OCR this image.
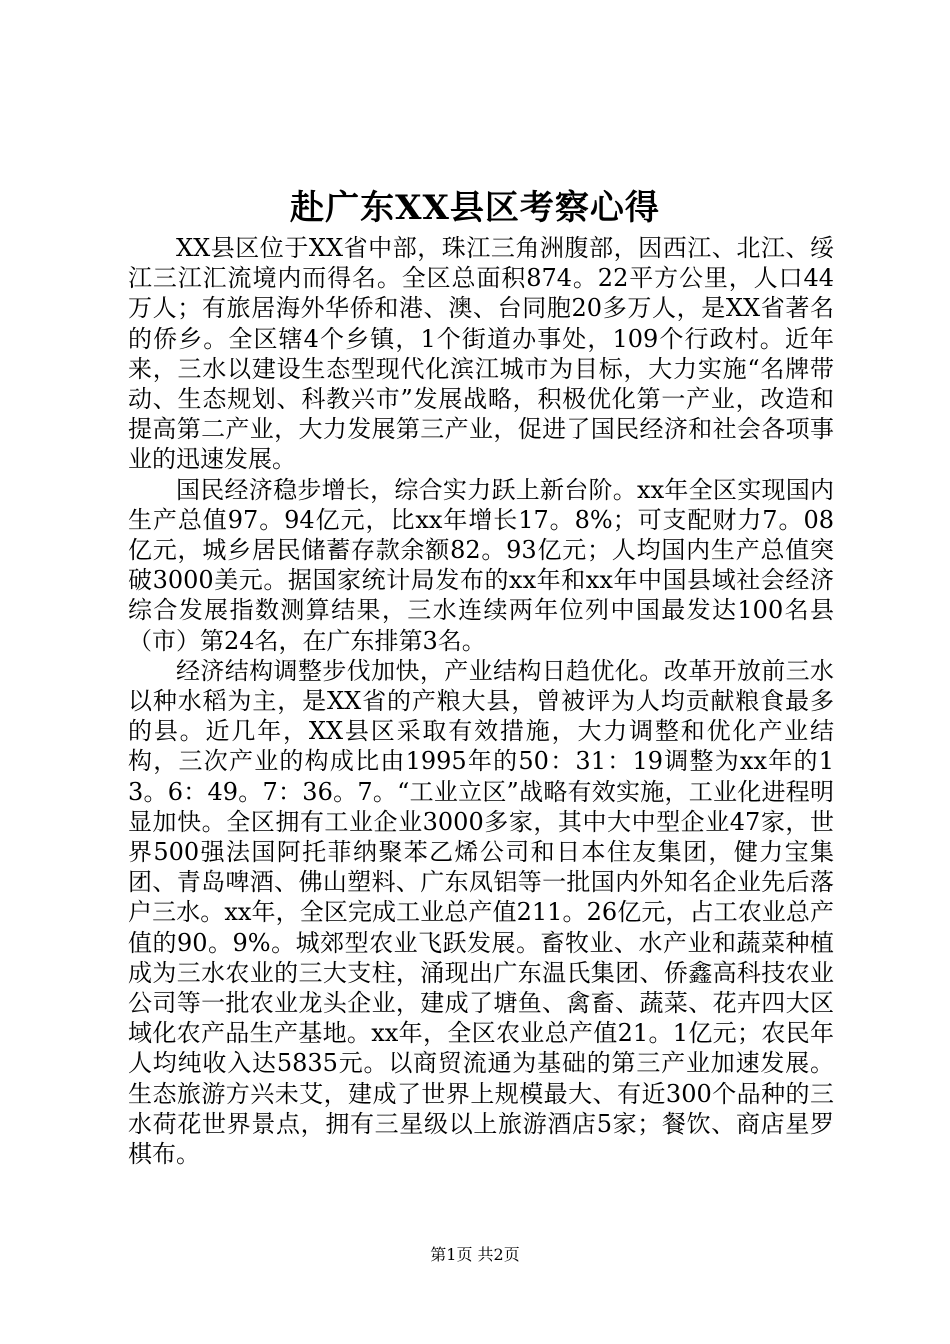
赴广东XX县区考察心得

XX县区位于XX省中部，珠江三角洲腹部，因西江、北江、绥江三江汇流境内而得名。全区总面积874。22平方公里，人口44万人；有旅居海外华侨和港、澳、台同胞20多万人，是XX省著名的侨乡。全区辖4个乡镇，1个街道办事处，109个行政村。近年来，三水以建设生态型现代化滨江城市为目标，大力实施“名牌带动、生态规划、科教兴市”发展战略，积极优化第一产业，改造和提高第二产业，大力发展第三产业，促进了国民经济和社会各项事业的迅速发展。

国民经济稳步增长，综合实力跃上新台阶。xx年全区实现国内生产总值97。94亿元，比xx年增长17。8%；可支配财力7。08亿元，城乡居民储蓄存款余额82。93亿元；人均国内生产总值突破3000美元。据国家统计局发布的xx年和xx年中国县域社会经济综合发展指数测算结果，三水连续两年位列中国最发达100名县（市）第24名，在广东排第3名。

经济结构调整步伐加快，产业结构日趋优化。改革开放前三水以种水稻为主，是XX省的产粮大县，曾被评为人均贡献粮食最多的县。近几年，XX县区采取有效措施，大力调整和优化产业结构，三次产业的构成比由1995年的50：31：19调整为xx年的13。6：49。7：36。7。“工业立区”战略有效实施，工业化进程明显加快。全区拥有工业企业3000多家，其中大中型企业47家，世界500强法国阿托菲纳聚苯乙烯公司和日本住友集团，健力宝集团、青岛啤酒、佛山塑料、广东凤铝等一批国内外知名企业先后落户三水。xx年，全区完成工业总产值211。26亿元，占工农业总产值的90。9%。城郊型农业飞跃发展。畜牧业、水产业和蔬菜种植成为三水农业的三大支柱，涌现出广东温氏集团、侨鑫高科技农业公司等一批农业龙头企业，建成了塘鱼、禽畜、蔬菜、花卉四大区域化农产品生产基地。xx年，全区农业总产值21。1亿元；农民年人均纯收入达5835元。以商贸流通为基础的第三产业加速发展。生态旅游方兴未艾，建成了世界上规模最大、有近300个品种的三水荷花世界景点，拥有三星级以上旅游酒店5家；餐饮、商店星罗棋布。

第1页 共2页
